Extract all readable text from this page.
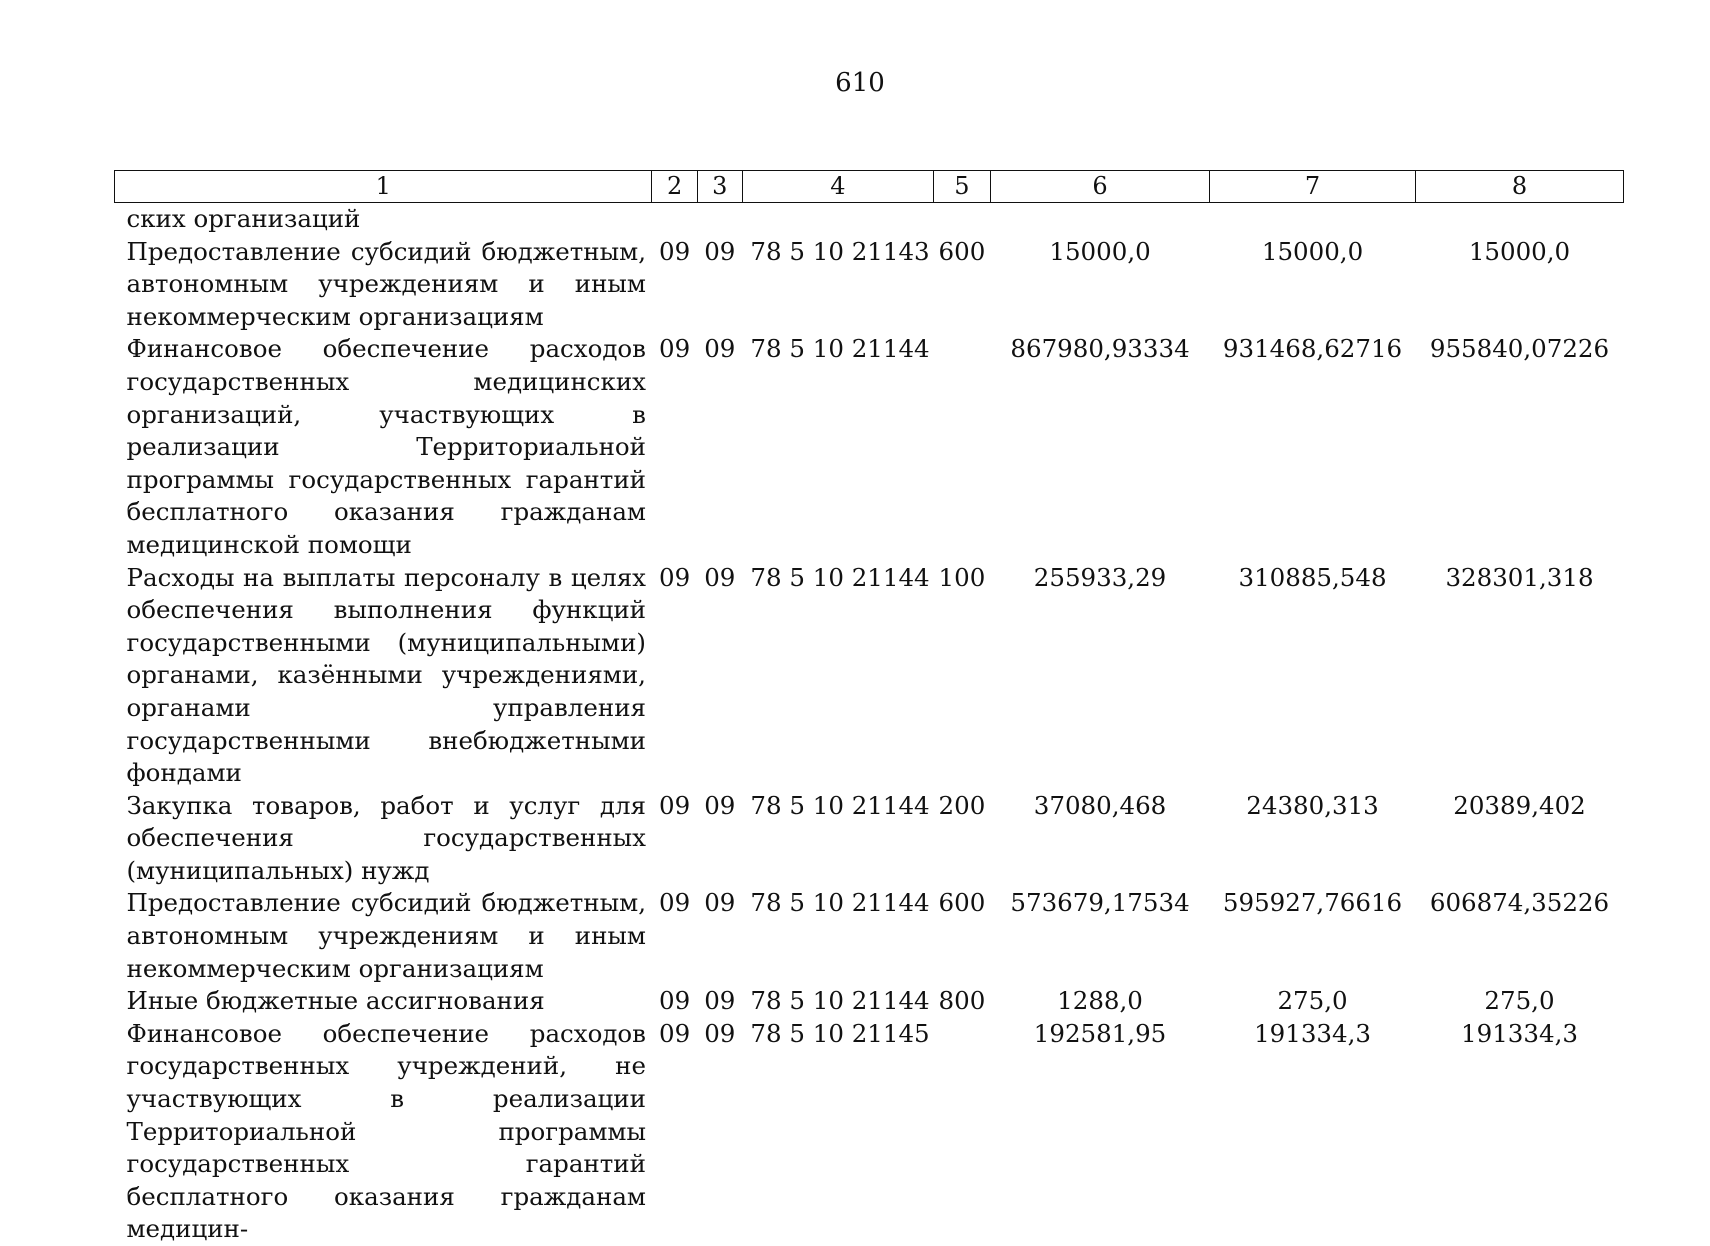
610
1	2	3	4	5	6	7	8
ских организаций							
Предоставление субсидий бюджетным, автономным учреждениям и иным некоммерческим организациям	09	09	78 5 10 21143	600	15000,0	15000,0	15000,0
Финансовое обеспечение расходов государственных медицинских организаций, участвующих в реализации Территориальной программы государственных гарантий бесплатного оказания гражданам медицинской помощи	09	09	78 5 10 21144		867980,93334	931468,62716	955840,07226
Расходы на выплаты персоналу в целях обеспечения выполнения функций государственными (муниципальными) органами, казёнными учреждениями, органами управления государственными внебюджетными фондами	09	09	78 5 10 21144	100	255933,29	310885,548	328301,318
Закупка товаров, работ и услуг для обеспечения государственных (муниципальных) нужд	09	09	78 5 10 21144	200	37080,468	24380,313	20389,402
Предоставление субсидий бюджетным, автономным учреждениям и иным некоммерческим организациям	09	09	78 5 10 21144	600	573679,17534	595927,76616	606874,35226
Иные бюджетные ассигнования	09	09	78 5 10 21144	800	1288,0	275,0	275,0
Финансовое обеспечение расходов государственных учреждений, не участвующих в реализации Территориальной программы государственных гарантий бесплатного оказания гражданам медицин-	09	09	78 5 10 21145		192581,95	191334,3	191334,3
